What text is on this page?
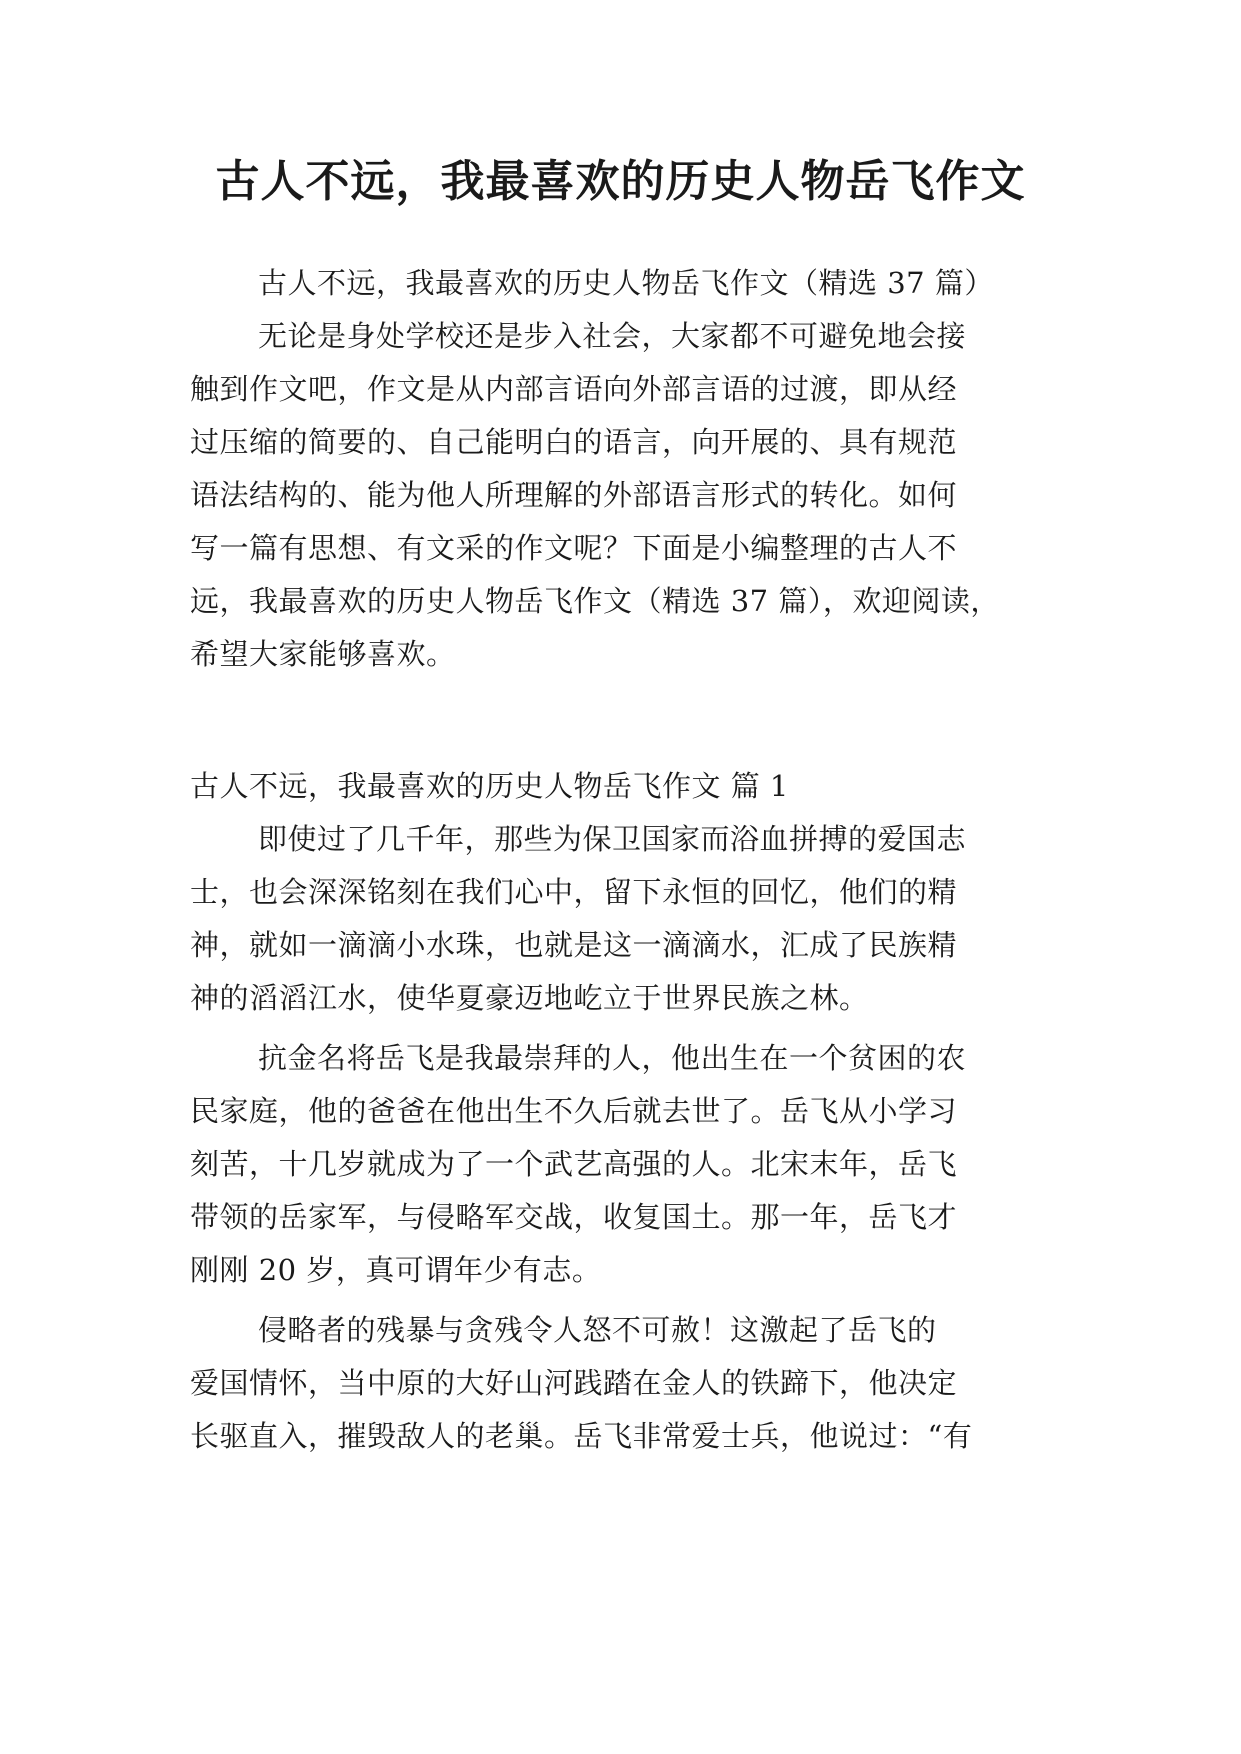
古人不远，我最喜欢的历史人物岳飞作文
古人不远，我最喜欢的历史人物岳飞作文（精选 37 篇）
无论是身处学校还是步入社会，大家都不可避免地会接
触到作文吧，作文是从内部言语向外部言语的过渡，即从经
过压缩的简要的、自己能明白的语言，向开展的、具有规范
语法结构的、能为他人所理解的外部语言形式的转化。如何
写一篇有思想、有文采的作文呢？下面是小编整理的古人不
远，我最喜欢的历史人物岳飞作文（精选 37 篇），欢迎阅读，
希望大家能够喜欢。
古人不远，我最喜欢的历史人物岳飞作文 篇 1
即使过了几千年，那些为保卫国家而浴血拼搏的爱国志
士，也会深深铭刻在我们心中，留下永恒的回忆，他们的精
神，就如一滴滴小水珠，也就是这一滴滴水，汇成了民族精
神的滔滔江水，使华夏豪迈地屹立于世界民族之林。
抗金名将岳飞是我最崇拜的人，他出生在一个贫困的农
民家庭，他的爸爸在他出生不久后就去世了。岳飞从小学习
刻苦，十几岁就成为了一个武艺高强的人。北宋末年，岳飞
带领的岳家军，与侵略军交战，收复国土。那一年，岳飞才
刚刚 20 岁，真可谓年少有志。
侵略者的残暴与贪残令人怒不可赦！这激起了岳飞的
爱国情怀，当中原的大好山河践踏在金人的铁蹄下，他决定
长驱直入，摧毁敌人的老巢。岳飞非常爱士兵，他说过：“有
